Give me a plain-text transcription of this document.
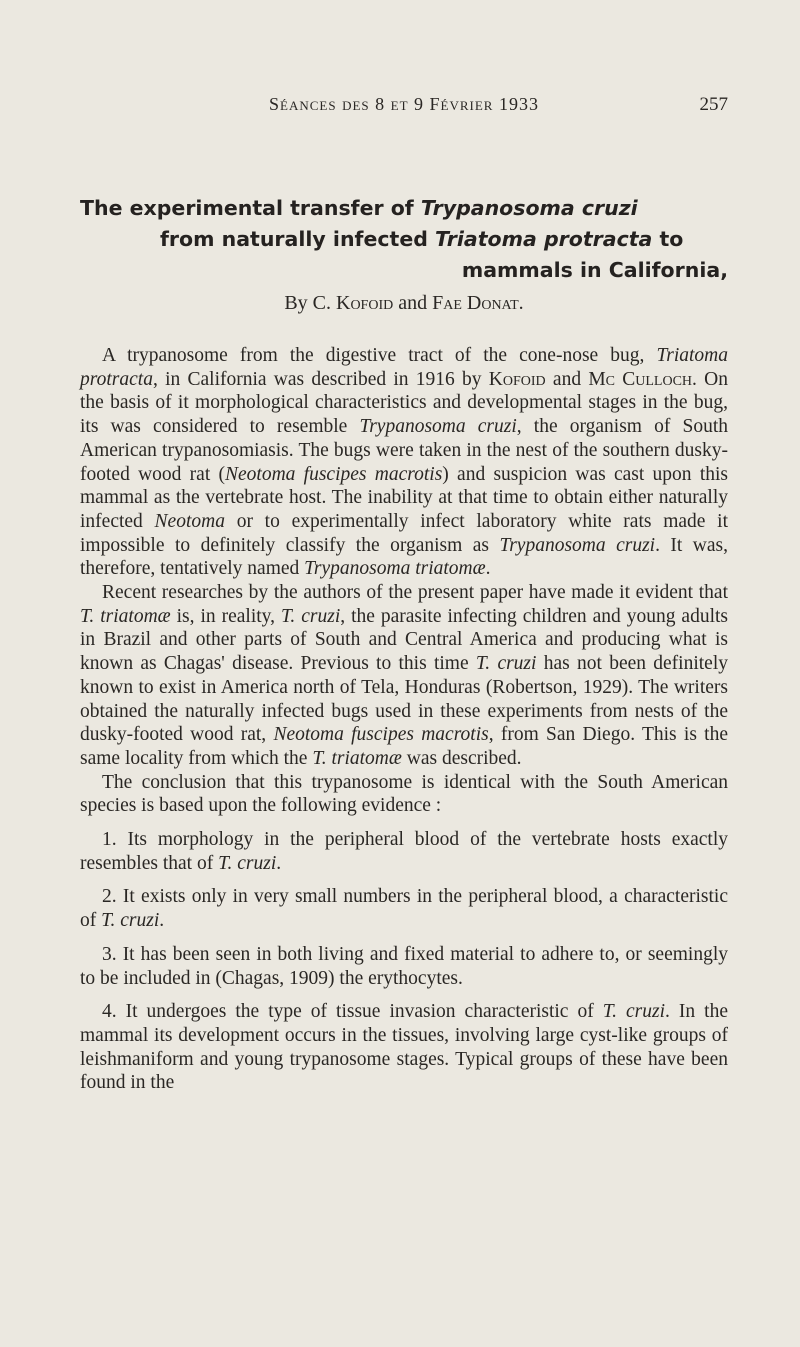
Séances des 8 et 9 Février 1933	257
The experimental transfer of Trypanosoma cruzi
from naturally infected Triatoma protracta to
mammals in California,
By C. Kofoid and Fae Donat.

A trypanosome from the digestive tract of the cone-nose bug, Triatoma protracta, in California was described in 1916 by Kofoid and Mc Culloch. On the basis of it morphological characteristics and developmental stages in the bug, its was considered to resemble Trypanosoma cruzi, the organism of South American trypanosomiasis. The bugs were taken in the nest of the southern dusky-footed wood rat (Neotoma fuscipes macrotis) and suspicion was cast upon this mammal as the vertebrate host. The inability at that time to obtain either naturally infected Neotoma or to experimentally infect laboratory white rats made it impossible to definitely classify the organism as Trypanosoma cruzi. It was, therefore, tentatively named Trypanosoma triatomæ.

Recent researches by the authors of the present paper have made it evident that T. triatomæ is, in reality, T. cruzi, the parasite infecting children and young adults in Brazil and other parts of South and Central America and producing what is known as Chagas' disease. Previous to this time T. cruzi has not been definitely known to exist in America north of Tela, Honduras (Robertson, 1929). The writers obtained the naturally infected bugs used in these experiments from nests of the dusky-footed wood rat, Neotoma fuscipes macrotis, from San Diego. This is the same locality from which the T. triatomæ was described.

The conclusion that this trypanosome is identical with the South American species is based upon the following evidence :

1. Its morphology in the peripheral blood of the vertebrate hosts exactly resembles that of T. cruzi.

2. It exists only in very small numbers in the peripheral blood, a characteristic of T. cruzi.

3. It has been seen in both living and fixed material to adhere to, or seemingly to be included in (Chagas, 1909) the erythocytes.

4. It undergoes the type of tissue invasion characteristic of T. cruzi. In the mammal its development occurs in the tissues, involving large cyst-like groups of leishmaniform and young trypanosome stages. Typical groups of these have been found in the
